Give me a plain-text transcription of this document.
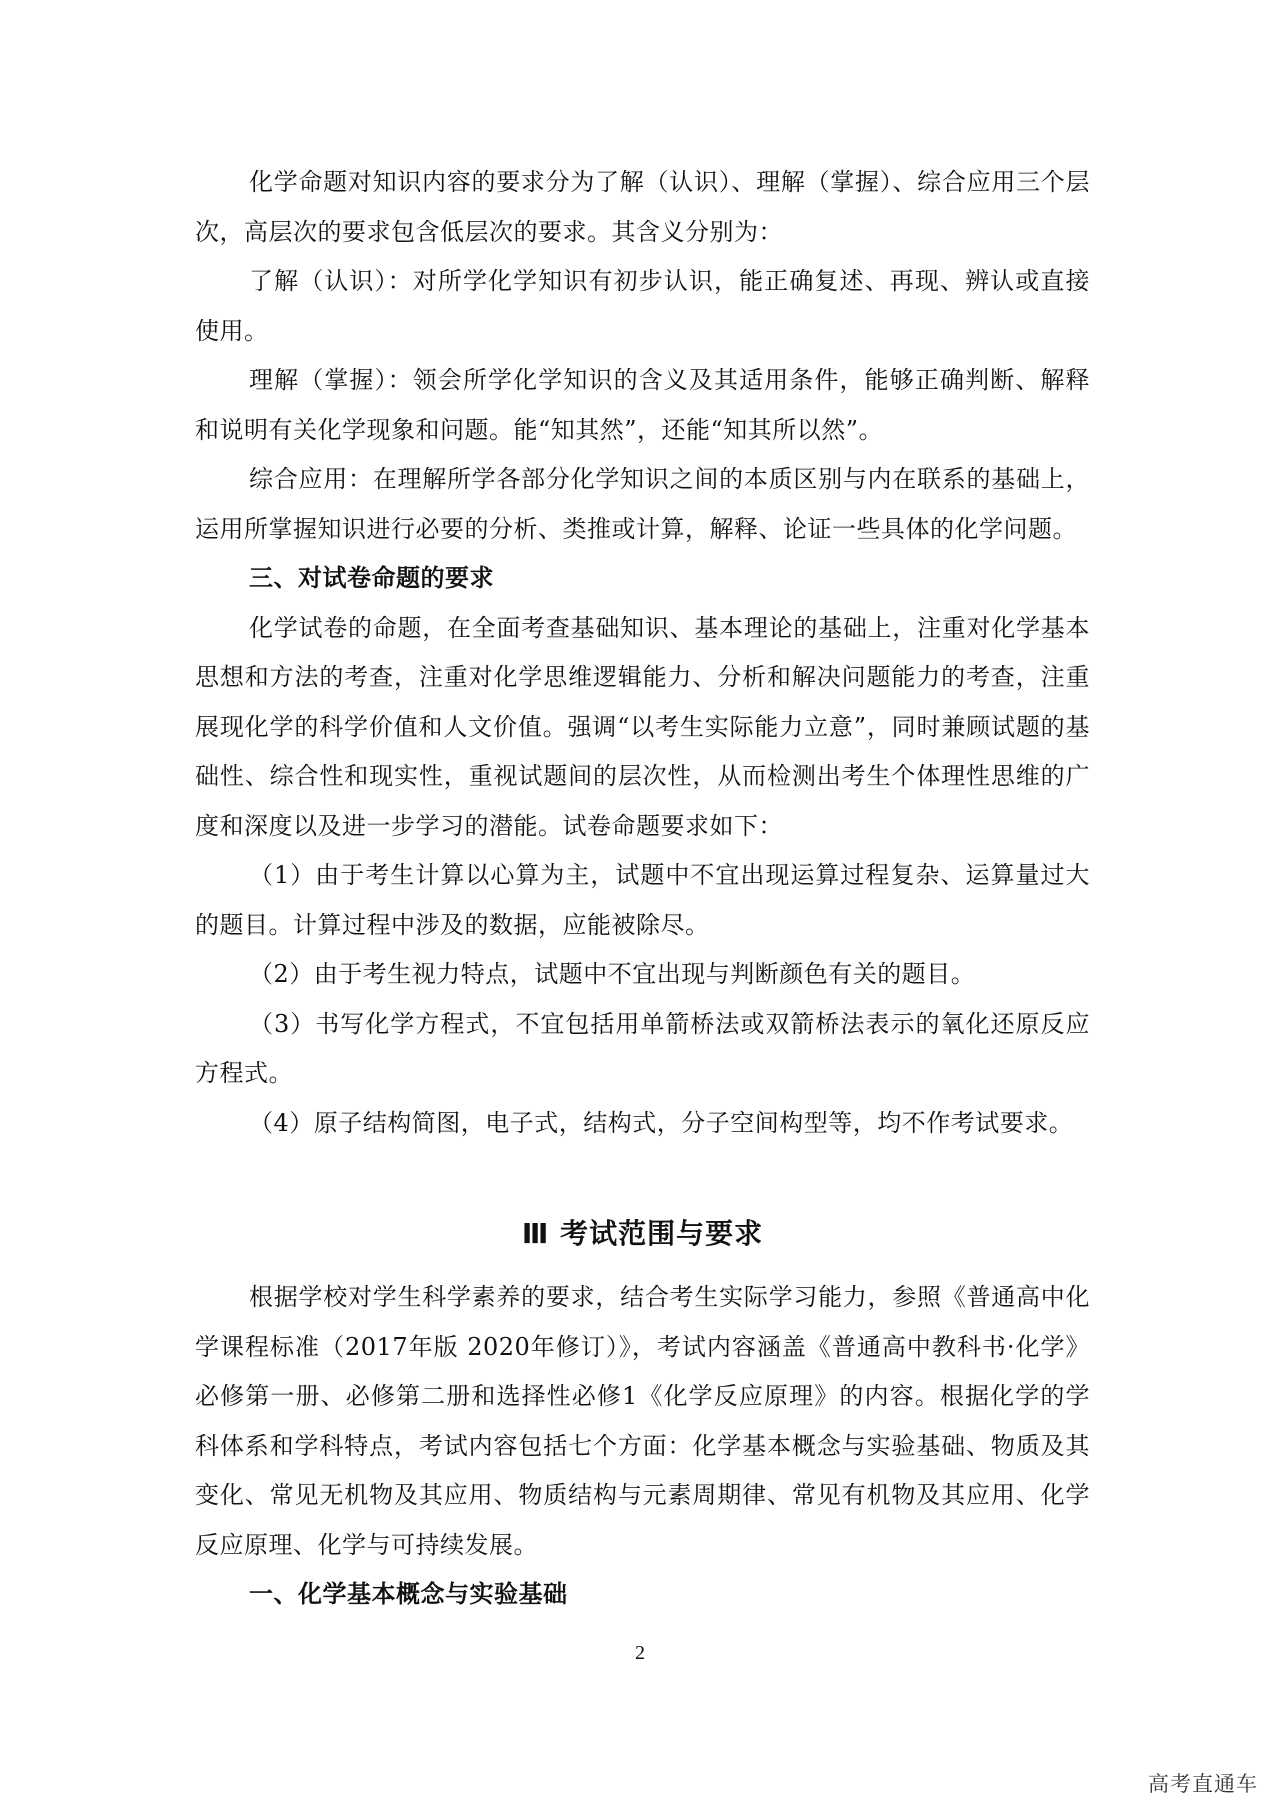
化学命题对知识内容的要求分为了解（认识）、理解（掌握）、综合应用三个层次，高层次的要求包含低层次的要求。其含义分别为：

了解（认识）：对所学化学知识有初步认识，能正确复述、再现、辨认或直接使用。

理解（掌握）：领会所学化学知识的含义及其适用条件，能够正确判断、解释和说明有关化学现象和问题。能“知其然”，还能“知其所以然”。

综合应用：在理解所学各部分化学知识之间的本质区别与内在联系的基础上，运用所掌握知识进行必要的分析、类推或计算，解释、论证一些具体的化学问题。

三、对试卷命题的要求

化学试卷的命题，在全面考查基础知识、基本理论的基础上，注重对化学基本思想和方法的考查，注重对化学思维逻辑能力、分析和解决问题能力的考查，注重展现化学的科学价值和人文价值。强调“以考生实际能力立意”，同时兼顾试题的基础性、综合性和现实性，重视试题间的层次性，从而检测出考生个体理性思维的广度和深度以及进一步学习的潜能。试卷命题要求如下：

（1）由于考生计算以心算为主，试题中不宜出现运算过程复杂、运算量过大的题目。计算过程中涉及的数据，应能被除尽。

（2）由于考生视力特点，试题中不宜出现与判断颜色有关的题目。

（3）书写化学方程式，不宜包括用单箭桥法或双箭桥法表示的氧化还原反应方程式。

（4）原子结构简图，电子式，结构式，分子空间构型等，均不作考试要求。

Ⅲ 考试范围与要求

根据学校对学生科学素养的要求，结合考生实际学习能力，参照《普通高中化学课程标准（2017年版 2020年修订）》，考试内容涵盖《普通高中教科书·化学》必修第一册、必修第二册和选择性必修1《化学反应原理》的内容。根据化学的学科体系和学科特点，考试内容包括七个方面：化学基本概念与实验基础、物质及其变化、常见无机物及其应用、物质结构与元素周期律、常见有机物及其应用、化学反应原理、化学与可持续发展。

一、化学基本概念与实验基础

2
高考直通车
